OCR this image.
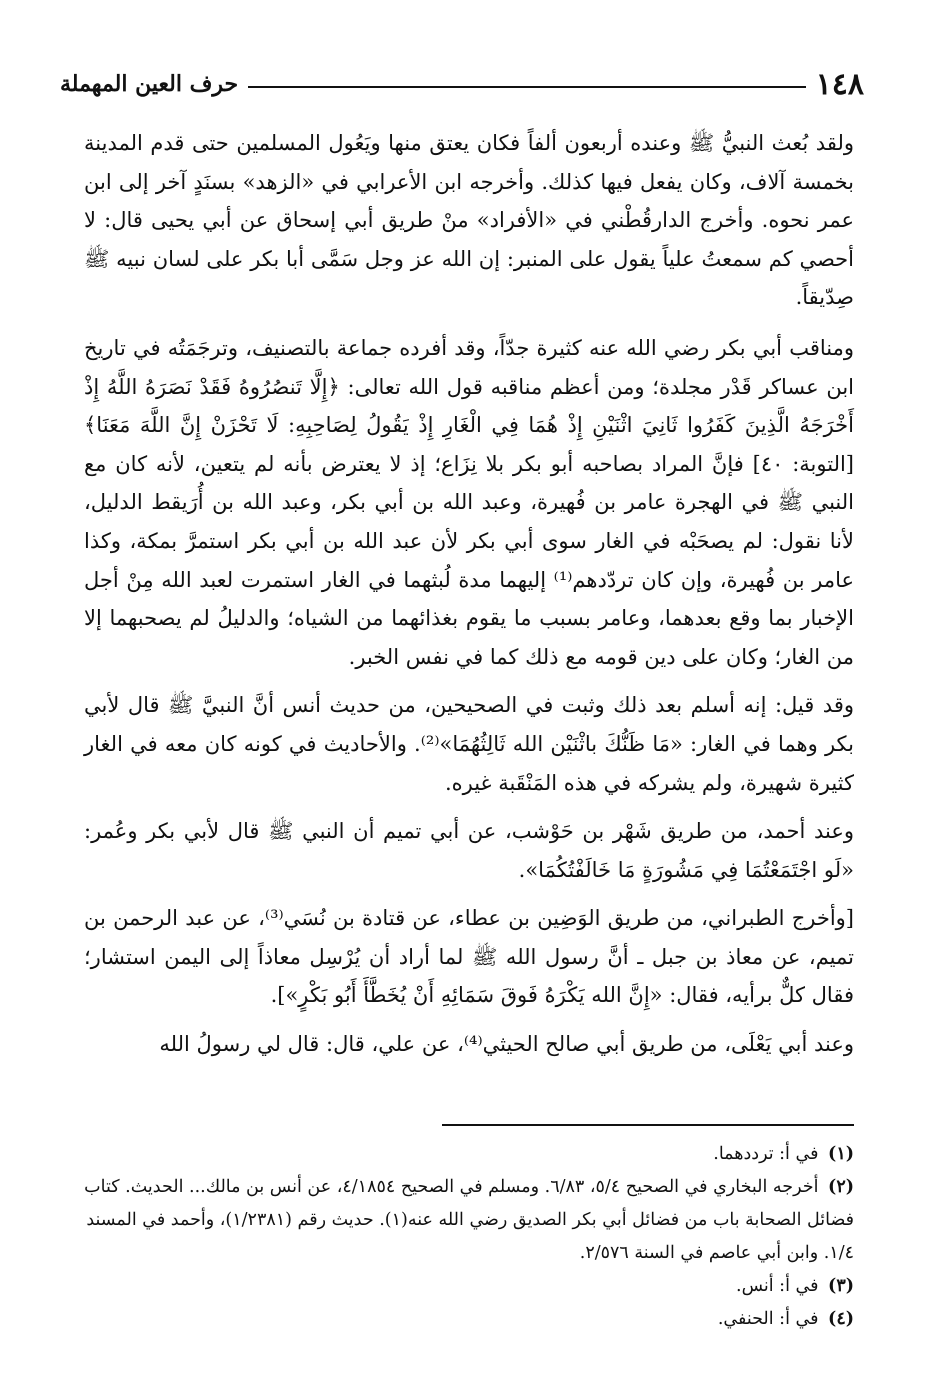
١٤٨
حرف العين المهملة

ولقد بُعث النبيُّ ﷺ وعنده أربعون ألفاً فكان يعتق منها ويَعُول المسلمين حتى قدم المدينة بخمسة آلاف، وكان يفعل فيها كذلك. وأخرجه ابن الأعرابي في «الزهد» بسنَدٍ آخر إلى ابن عمر نحوه. وأخرج الدارقُطْني في «الأفراد» منْ طريق أبي إسحاق عن أبي يحيى قال: لا أحصي كم سمعتُ علياً يقول على المنبر: إن الله عز وجل سَمَّى أبا بكر على لسان نبيه ﷺ صِدّيقاً.

ومناقب أبي بكر رضي الله عنه كثيرة جدّاً، وقد أفرده جماعة بالتصنيف، وترجَمَتُه في تاريخ ابن عساكر قَدْر مجلدة؛ ومن أعظم مناقبه قول الله تعالى: ﴿إِلَّا تَنصُرُوهُ فَقَدْ نَصَرَهُ اللَّهُ إِذْ أَخْرَجَهُ الَّذِينَ كَفَرُوا ثَانِيَ اثْنَيْنِ إِذْ هُمَا فِي الْغَارِ إِذْ يَقُولُ لِصَاحِبِهِ: لَا تَحْزَنْ إِنَّ اللَّهَ مَعَنَا﴾ [التوبة: ٤٠] فإنَّ المراد بصاحبه أبو بكر بلا نِزَاع؛ إذ لا يعترض بأنه لم يتعين، لأنه كان مع النبي ﷺ في الهجرة عامر بن فُهيرة، وعبد الله بن أبي بكر، وعبد الله بن أُرَيقط الدليل، لأنا نقول: لم يصحَبْه في الغار سوى أبي بكر لأن عبد الله بن أبي بكر استمرَّ بمكة، وكذا عامر بن فُهيرة، وإن كان تردّدهم⁽¹⁾ إليهما مدة لُبثهما في الغار استمرت لعبد الله مِنْ أجل الإخبار بما وقع بعدهما، وعامر بسبب ما يقوم بغذائهما من الشياه؛ والدليلُ لم يصحبهما إلا من الغار؛ وكان على دين قومه مع ذلك كما في نفس الخبر.

وقد قيل: إنه أسلم بعد ذلك وثبت في الصحيحين، من حديث أنس أنَّ النبيَّ ﷺ قال لأبي بكر وهما في الغار: «مَا ظَنُّكَ باثْنَيْن الله ثَالِثُهُمَا»⁽²⁾. والأحاديث في كونه كان معه في الغار كثيرة شهيرة، ولم يشركه في هذه المَنْقَبة غيره.

وعند أحمد، من طريق شَهْر بن حَوْشب، عن أبي تميم أن النبي ﷺ قال لأبي بكر وعُمر: «لَو اجْتَمَعْتُمَا فِي مَشُورَةٍ مَا خَالَفْتُكُمَا».

[وأخرج الطبراني، من طريق الوَضِين بن عطاء، عن قتادة بن نُسَي⁽³⁾، عن عبد الرحمن بن تميم، عن معاذ بن جبل ـ أنَّ رسول الله ﷺ لما أراد أن يُرْسِل معاذاً إلى اليمن استشار؛ فقال كلٌّ برأيه، فقال: «إِنَّ الله يَكْرَهُ فَوقَ سَمَائِهِ أَنْ يُخَطَّأَ أَبُو بَكْرٍ»].

وعند أبي يَعْلَى، من طريق أبي صالح الحيثي⁽⁴⁾، عن علي، قال: قال لي رسولُ الله

(١) في أ: ترددهما.

(٢) أخرجه البخاري في الصحيح ٥/٤، ٦/٨٣. ومسلم في الصحيح ٤/١٨٥٤، عن أنس بن مالك... الحديث. كتاب فضائل الصحابة باب من فضائل أبي بكر الصديق رضي الله عنه(١). حديث رقم (١/٢٣٨١)، وأحمد في المسند ١/٤. وابن أبي عاصم في السنة ٢/٥٧٦.

(٣) في أ: أنس.

(٤) في أ: الحنفي.
